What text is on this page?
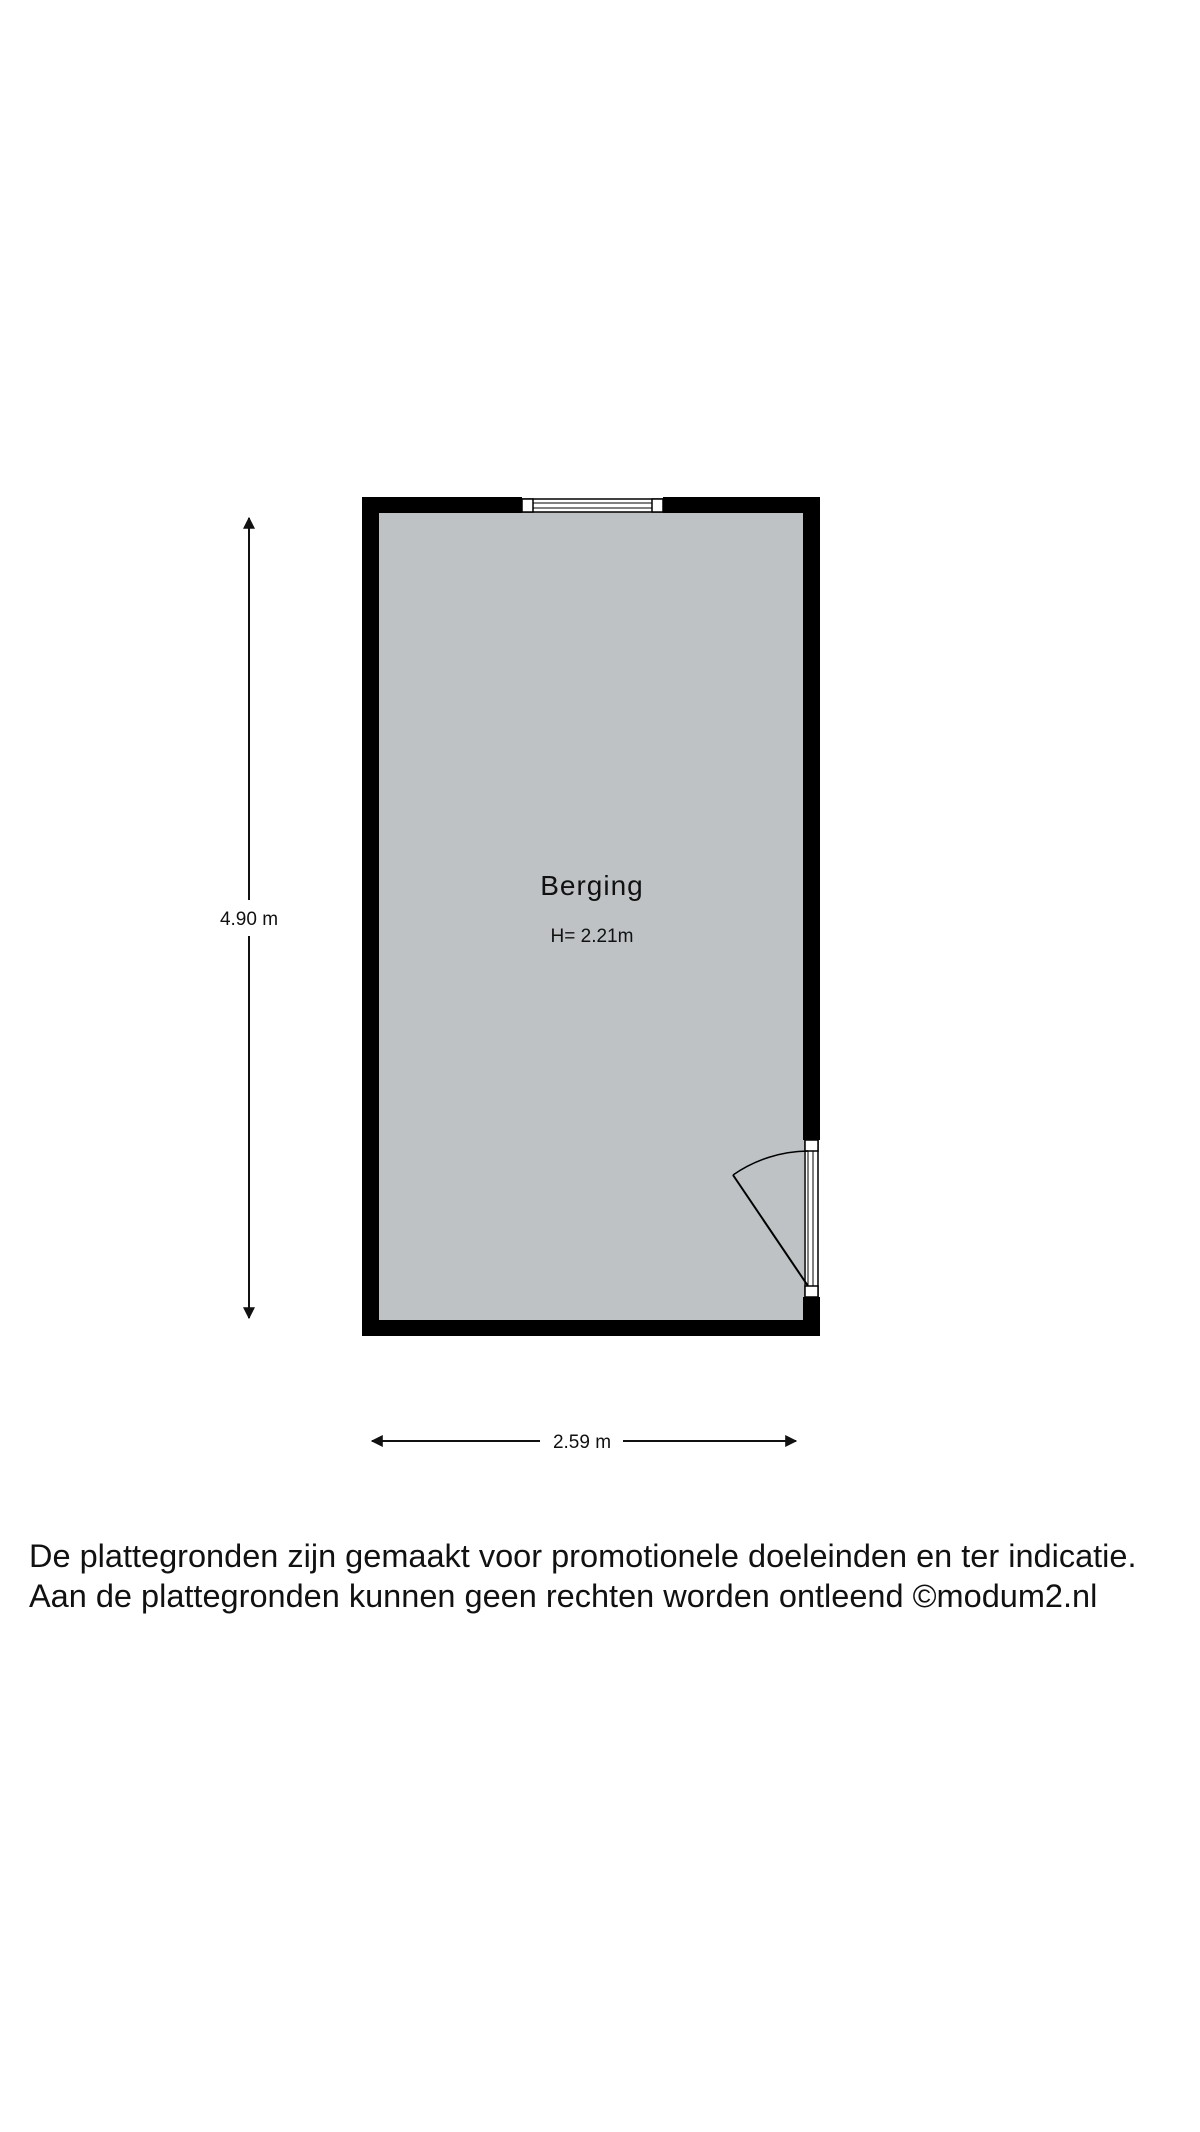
Berging
H= 2.21m
4.90 m
2.59 m
De plattegronden zijn gemaakt voor promotionele doeleinden en ter indicatie.
Aan de plattegronden kunnen geen rechten worden ontleend ©modum2.nl
